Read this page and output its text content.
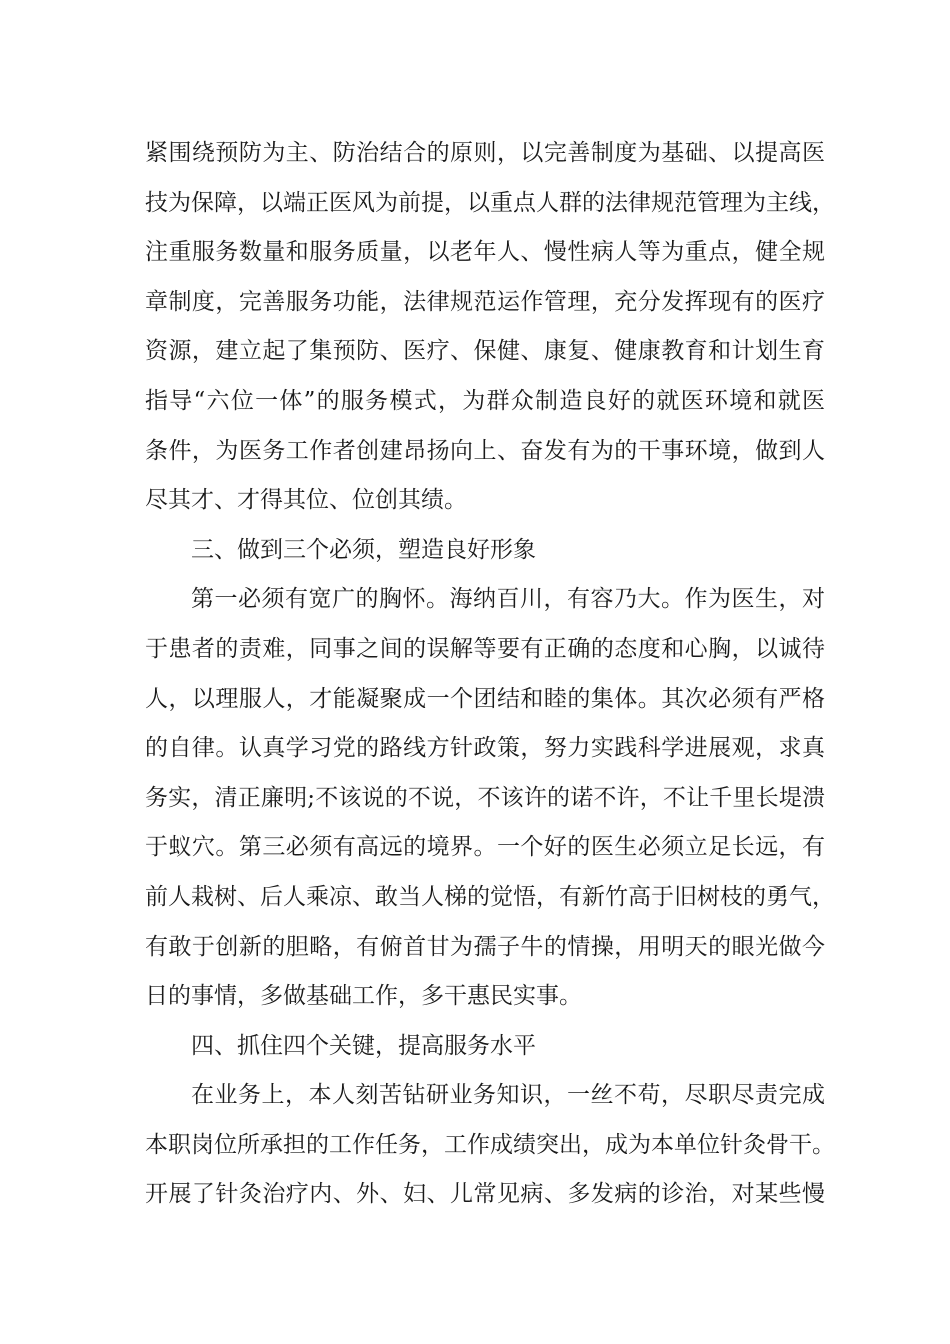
紧围绕预防为主、防治结合的原则，以完善制度为基础、以提高医
技为保障，以端正医风为前提，以重点人群的法律规范管理为主线，
注重服务数量和服务质量，以老年人、慢性病人等为重点，健全规
章制度，完善服务功能，法律规范运作管理，充分发挥现有的医疗
资源，建立起了集预防、医疗、保健、康复、健康教育和计划生育
指导“六位一体”的服务模式，为群众制造良好的就医环境和就医
条件，为医务工作者创建昂扬向上、奋发有为的干事环境，做到人
尽其才、才得其位、位创其绩。
三、做到三个必须，塑造良好形象
第一必须有宽广的胸怀。海纳百川，有容乃大。作为医生，对
于患者的责难，同事之间的误解等要有正确的态度和心胸，以诚待
人，以理服人，才能凝聚成一个团结和睦的集体。其次必须有严格
的自律。认真学习党的路线方针政策，努力实践科学进展观，求真
务实，清正廉明;不该说的不说，不该许的诺不许，不让千里长堤溃
于蚁穴。第三必须有高远的境界。一个好的医生必须立足长远，有
前人栽树、后人乘凉、敢当人梯的觉悟，有新竹高于旧树枝的勇气，
有敢于创新的胆略，有俯首甘为孺子牛的情操，用明天的眼光做今
日的事情，多做基础工作，多干惠民实事。
四、抓住四个关键，提高服务水平
在业务上，本人刻苦钻研业务知识，一丝不苟，尽职尽责完成
本职岗位所承担的工作任务，工作成绩突出，成为本单位针灸骨干。
开展了针灸治疗内、外、妇、儿常见病、多发病的诊治，对某些慢
